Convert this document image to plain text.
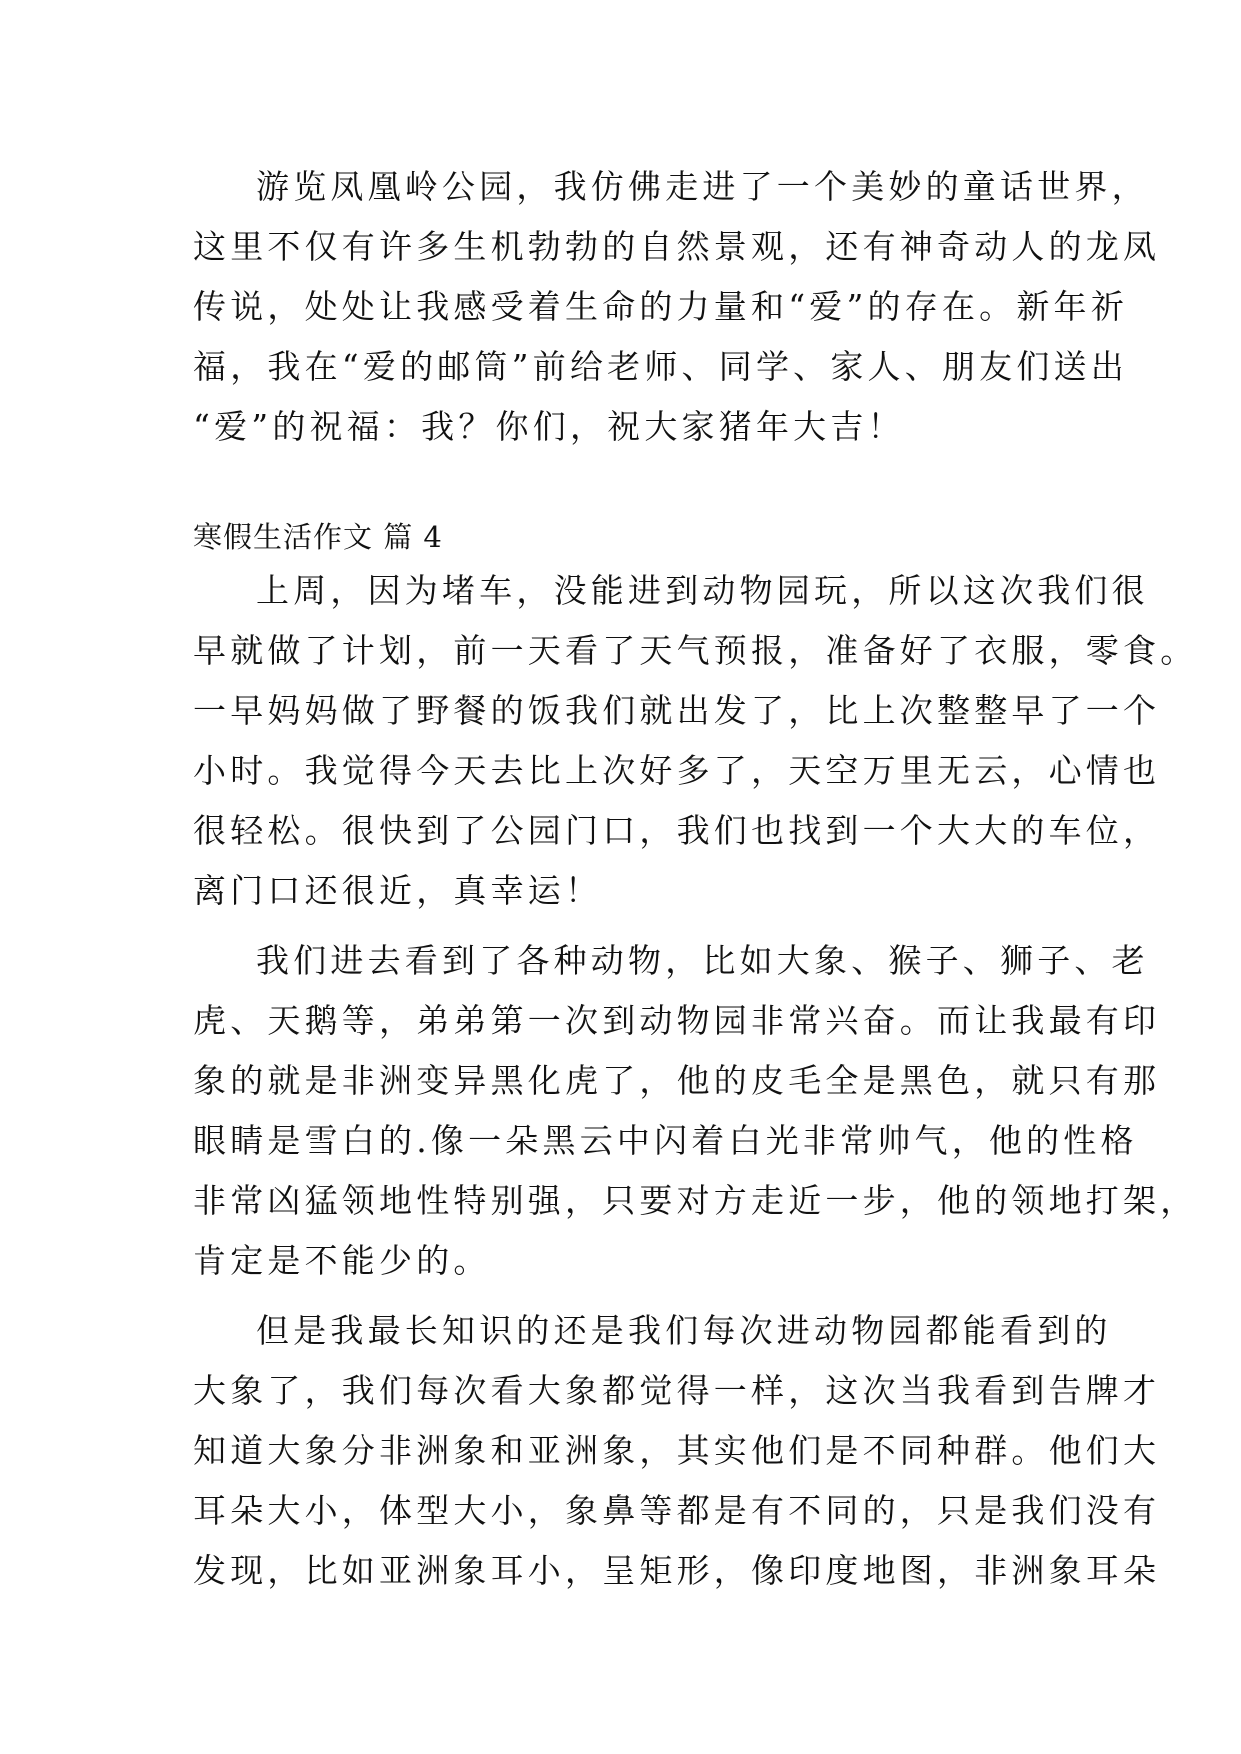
游览凤凰岭公园，我仿佛走进了一个美妙的童话世界，
这里不仅有许多生机勃勃的自然景观，还有神奇动人的龙凤
传说，处处让我感受着生命的力量和“爱”的存在。新年祈
福，我在“爱的邮筒”前给老师、同学、家人、朋友们送出
“爱”的祝福：我？你们，祝大家猪年大吉！
寒假生活作文 篇 4
上周，因为堵车，没能进到动物园玩，所以这次我们很
早就做了计划，前一天看了天气预报，准备好了衣服，零食。
一早妈妈做了野餐的饭我们就出发了，比上次整整早了一个
小时。我觉得今天去比上次好多了，天空万里无云，心情也
很轻松。很快到了公园门口，我们也找到一个大大的车位，
离门口还很近，真幸运！
我们进去看到了各种动物，比如大象、猴子、狮子、老
虎、天鹅等，弟弟第一次到动物园非常兴奋。而让我最有印
象的就是非洲变异黑化虎了，他的皮毛全是黑色，就只有那
眼睛是雪白的.像一朵黑云中闪着白光非常帅气，他的性格
非常凶猛领地性特别强，只要对方走近一步，他的领地打架，
肯定是不能少的。
但是我最长知识的还是我们每次进动物园都能看到的
大象了，我们每次看大象都觉得一样，这次当我看到告牌才
知道大象分非洲象和亚洲象，其实他们是不同种群。他们大
耳朵大小，体型大小，象鼻等都是有不同的，只是我们没有
发现，比如亚洲象耳小，呈矩形，像印度地图，非洲象耳朵
